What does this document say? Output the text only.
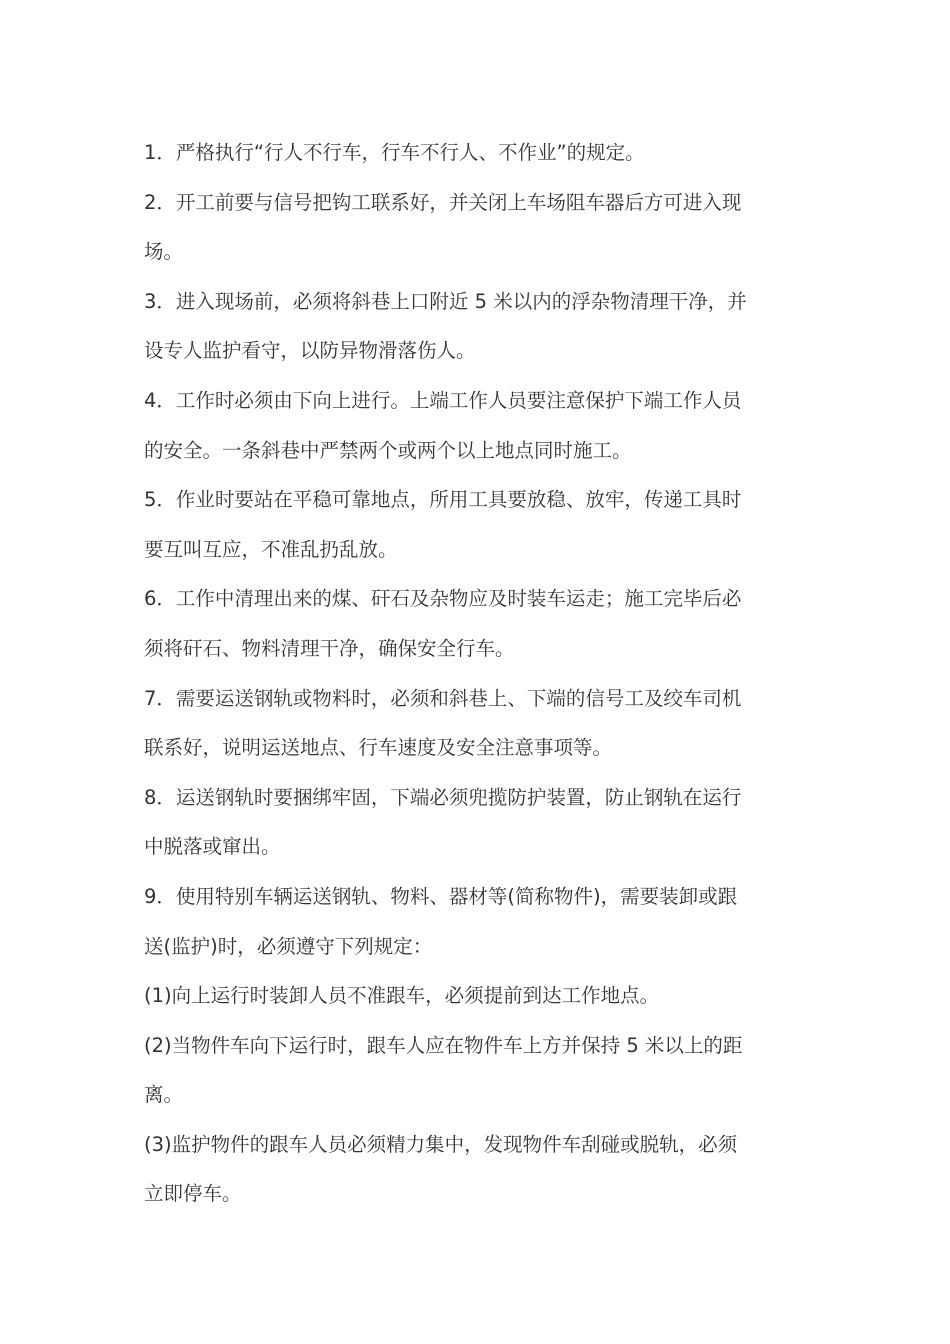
1．严格执行“行人不行车，行车不行人、不作业”的规定。
2．开工前要与信号把钩工联系好，并关闭上车场阻车器后方可进入现
场。
3．进入现场前，必须将斜巷上口附近 5 米以内的浮杂物清理干净，并
设专人监护看守，以防异物滑落伤人。
4．工作时必须由下向上进行。上端工作人员要注意保护下端工作人员
的安全。一条斜巷中严禁两个或两个以上地点同时施工。
5．作业时要站在平稳可靠地点，所用工具要放稳、放牢，传递工具时
要互叫互应，不准乱扔乱放。
6．工作中清理出来的煤、矸石及杂物应及时装车运走；施工完毕后必
须将矸石、物料清理干净，确保安全行车。
7．需要运送钢轨或物料时，必须和斜巷上、下端的信号工及绞车司机
联系好，说明运送地点、行车速度及安全注意事项等。
8．运送钢轨时要捆绑牢固，下端必须兜揽防护装置，防止钢轨在运行
中脱落或窜出。
9．使用特别车辆运送钢轨、物料、器材等(简称物件)，需要装卸或跟
送(监护)时，必须遵守下列规定：
(1)向上运行时装卸人员不准跟车，必须提前到达工作地点。
(2)当物件车向下运行时，跟车人应在物件车上方并保持 5 米以上的距
离。
(3)监护物件的跟车人员必须精力集中，发现物件车刮碰或脱轨，必须
立即停车。
